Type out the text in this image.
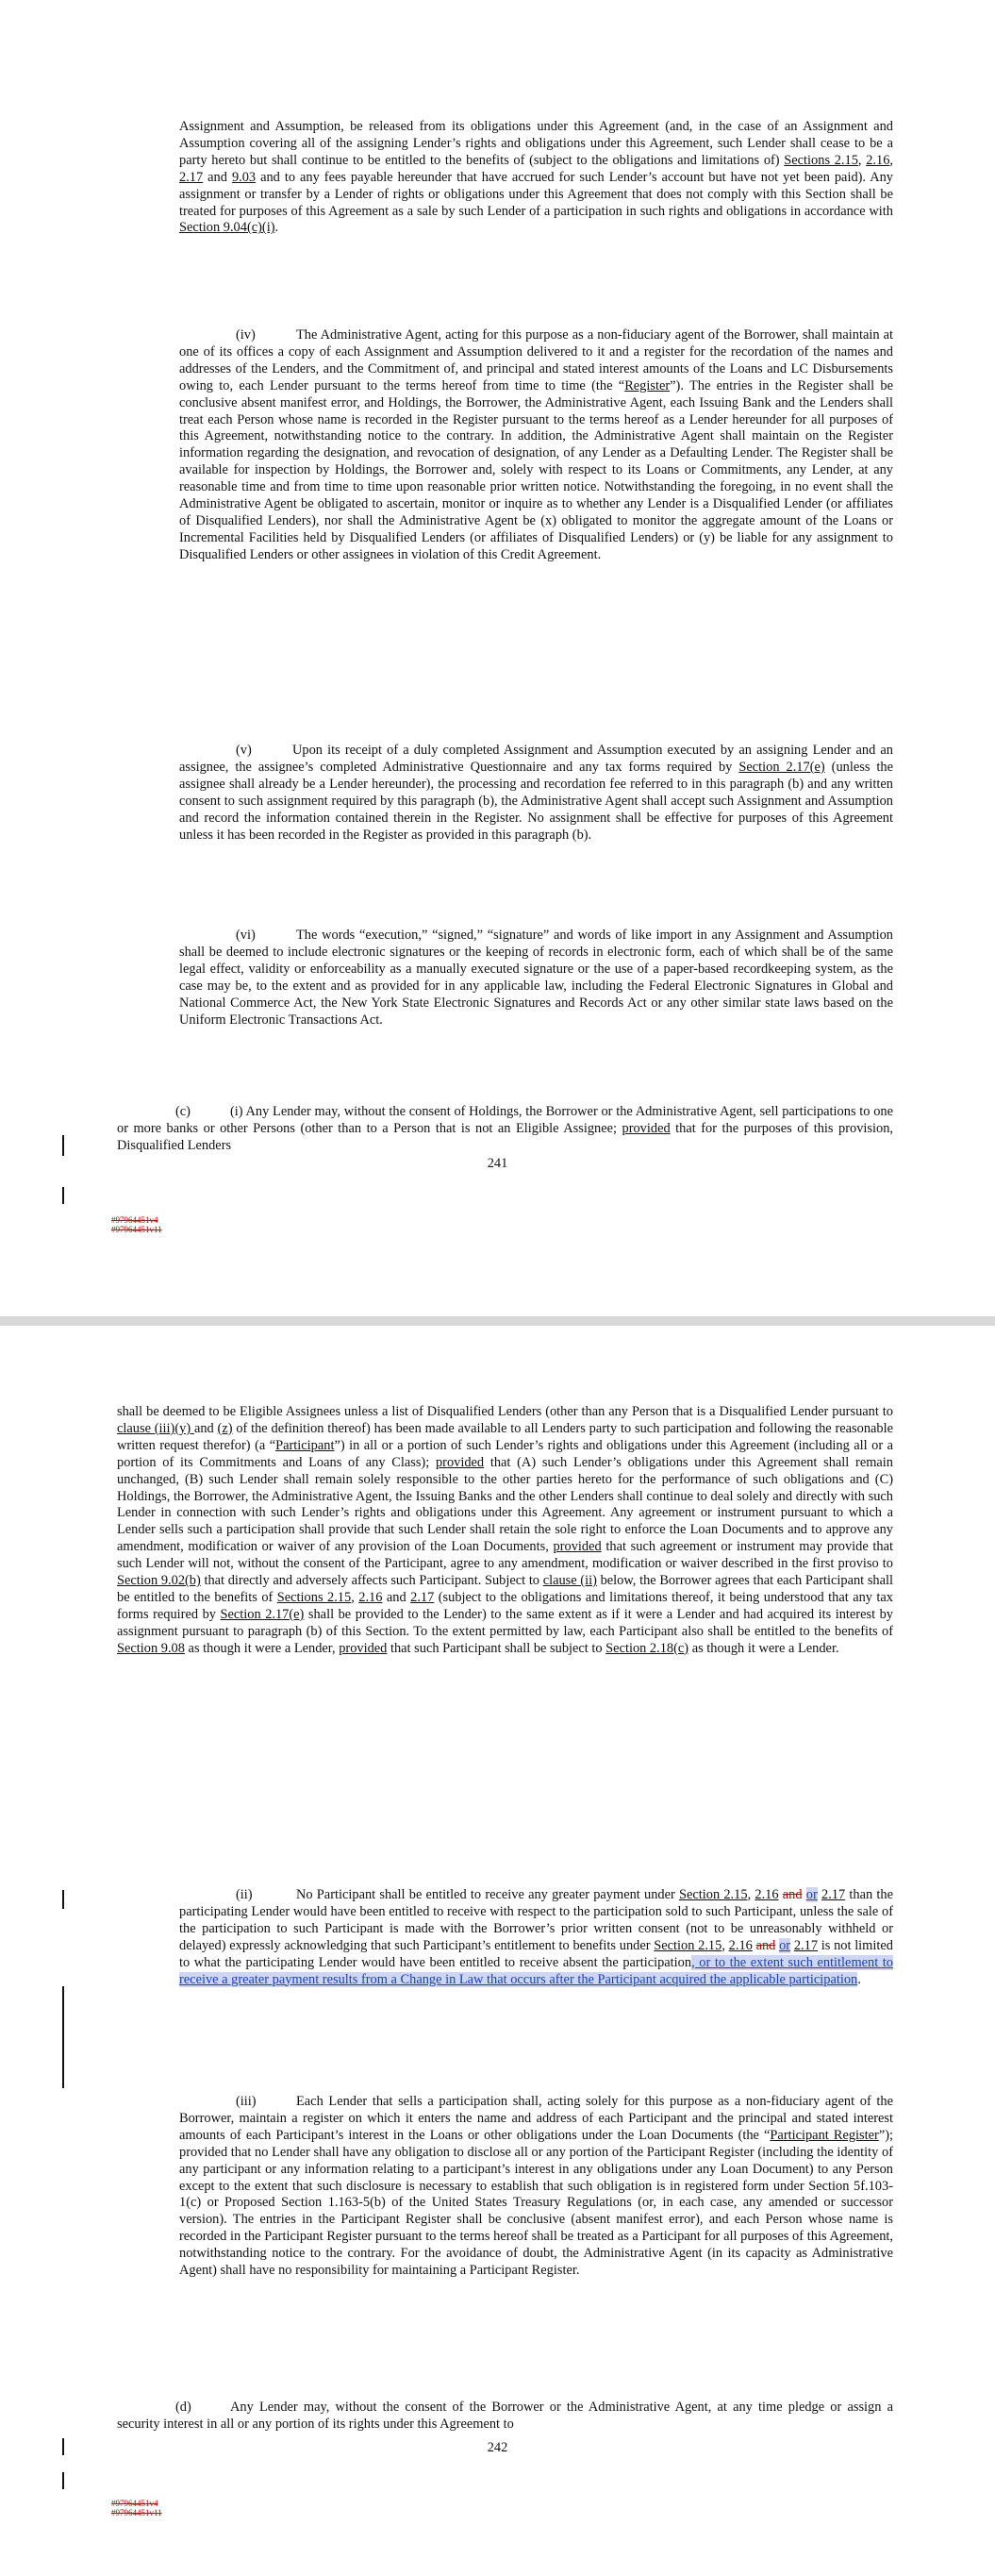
Assignment and Assumption, be released from its obligations under this Agreement (and, in the case of an Assignment and Assumption covering all of the assigning Lender’s rights and obligations under this Agreement, such Lender shall cease to be a party hereto but shall continue to be entitled to the benefits of (subject to the obligations and limitations of) Sections 2.15, 2.16, 2.17 and 9.03 and to any fees payable hereunder that have accrued for such Lender’s account but have not yet been paid). Any assignment or transfer by a Lender of rights or obligations under this Agreement that does not comply with this Section shall be treated for purposes of this Agreement as a sale by such Lender of a participation in such rights and obligations in accordance with Section 9.04(c)(i).

(iv)	The Administrative Agent, acting for this purpose as a non-fiduciary agent of the Borrower, shall maintain at one of its offices a copy of each Assignment and Assumption delivered to it and a register for the recordation of the names and addresses of the Lenders, and the Commitment of, and principal and stated interest amounts of the Loans and LC Disbursements owing to, each Lender pursuant to the terms hereof from time to time (the “Register”). The entries in the Register shall be conclusive absent manifest error, and Holdings, the Borrower, the Administrative Agent, each Issuing Bank and the Lenders shall treat each Person whose name is recorded in the Register pursuant to the terms hereof as a Lender hereunder for all purposes of this Agreement, notwithstanding notice to the contrary. In addition, the Administrative Agent shall maintain on the Register information regarding the designation, and revocation of designation, of any Lender as a Defaulting Lender. The Register shall be available for inspection by Holdings, the Borrower and, solely with respect to its Loans or Commitments, any Lender, at any reasonable time and from time to time upon reasonable prior written notice. Notwithstanding the foregoing, in no event shall the Administrative Agent be obligated to ascertain, monitor or inquire as to whether any Lender is a Disqualified Lender (or affiliates of Disqualified Lenders), nor shall the Administrative Agent be (x) obligated to monitor the aggregate amount of the Loans or Incremental Facilities held by Disqualified Lenders (or affiliates of Disqualified Lenders) or (y) be liable for any assignment to Disqualified Lenders or other assignees in violation of this Credit Agreement.

(v)	Upon its receipt of a duly completed Assignment and Assumption executed by an assigning Lender and an assignee, the assignee’s completed Administrative Questionnaire and any tax forms required by Section 2.17(e) (unless the assignee shall already be a Lender hereunder), the processing and recordation fee referred to in this paragraph (b) and any written consent to such assignment required by this paragraph (b), the Administrative Agent shall accept such Assignment and Assumption and record the information contained therein in the Register. No assignment shall be effective for purposes of this Agreement unless it has been recorded in the Register as provided in this paragraph (b).

(vi)	The words “execution,” “signed,” “signature” and words of like import in any Assignment and Assumption shall be deemed to include electronic signatures or the keeping of records in electronic form, each of which shall be of the same legal effect, validity or enforceability as a manually executed signature or the use of a paper-based recordkeeping system, as the case may be, to the extent and as provided for in any applicable law, including the Federal Electronic Signatures in Global and National Commerce Act, the New York State Electronic Signatures and Records Act or any other similar state laws based on the Uniform Electronic Transactions Act.

(c)	(i) Any Lender may, without the consent of Holdings, the Borrower or the Administrative Agent, sell participations to one or more banks or other Persons (other than to a Person that is not an Eligible Assignee; provided that for the purposes of this provision, Disqualified Lenders

241
#97964451v4
#97964451v11

shall be deemed to be Eligible Assignees unless a list of Disqualified Lenders (other than any Person that is a Disqualified Lender pursuant to clause (iii)(y) and (z) of the definition thereof) has been made available to all Lenders party to such participation and following the reasonable written request therefor) (a “Participant”) in all or a portion of such Lender’s rights and obligations under this Agreement (including all or a portion of its Commitments and Loans of any Class); provided that (A) such Lender’s obligations under this Agreement shall remain unchanged, (B) such Lender shall remain solely responsible to the other parties hereto for the performance of such obligations and (C) Holdings, the Borrower, the Administrative Agent, the Issuing Banks and the other Lenders shall continue to deal solely and directly with such Lender in connection with such Lender’s rights and obligations under this Agreement. Any agreement or instrument pursuant to which a Lender sells such a participation shall provide that such Lender shall retain the sole right to enforce the Loan Documents and to approve any amendment, modification or waiver of any provision of the Loan Documents, provided that such agreement or instrument may provide that such Lender will not, without the consent of the Participant, agree to any amendment, modification or waiver described in the first proviso to Section 9.02(b) that directly and adversely affects such Participant. Subject to clause (ii) below, the Borrower agrees that each Participant shall be entitled to the benefits of Sections 2.15, 2.16 and 2.17 (subject to the obligations and limitations thereof, it being understood that any tax forms required by Section 2.17(e) shall be provided to the Lender) to the same extent as if it were a Lender and had acquired its interest by assignment pursuant to paragraph (b) of this Section. To the extent permitted by law, each Participant also shall be entitled to the benefits of Section 9.08 as though it were a Lender, provided that such Participant shall be subject to Section 2.18(c) as though it were a Lender.

(ii)	No Participant shall be entitled to receive any greater payment under Section 2.15, 2.16 and or 2.17 than the participating Lender would have been entitled to receive with respect to the participation sold to such Participant, unless the sale of the participation to such Participant is made with the Borrower’s prior written consent (not to be unreasonably withheld or delayed) expressly acknowledging that such Participant’s entitlement to benefits under Section 2.15, 2.16 and or 2.17 is not limited to what the participating Lender would have been entitled to receive absent the participation, or to the extent such entitlement to receive a greater payment results from a Change in Law that occurs after the Participant acquired the applicable participation.

(iii)	Each Lender that sells a participation shall, acting solely for this purpose as a non-fiduciary agent of the Borrower, maintain a register on which it enters the name and address of each Participant and the principal and stated interest amounts of each Participant’s interest in the Loans or other obligations under the Loan Documents (the “Participant Register”); provided that no Lender shall have any obligation to disclose all or any portion of the Participant Register (including the identity of any participant or any information relating to a participant’s interest in any obligations under any Loan Document) to any Person except to the extent that such disclosure is necessary to establish that such obligation is in registered form under Section 5f.103-1(c) or Proposed Section 1.163-5(b) of the United States Treasury Regulations (or, in each case, any amended or successor version). The entries in the Participant Register shall be conclusive (absent manifest error), and each Person whose name is recorded in the Participant Register pursuant to the terms hereof shall be treated as a Participant for all purposes of this Agreement, notwithstanding notice to the contrary. For the avoidance of doubt, the Administrative Agent (in its capacity as Administrative Agent) shall have no responsibility for maintaining a Participant Register.

(d)	Any Lender may, without the consent of the Borrower or the Administrative Agent, at any time pledge or assign a security interest in all or any portion of its rights under this Agreement to

242
#97964451v4
#97964451v11
